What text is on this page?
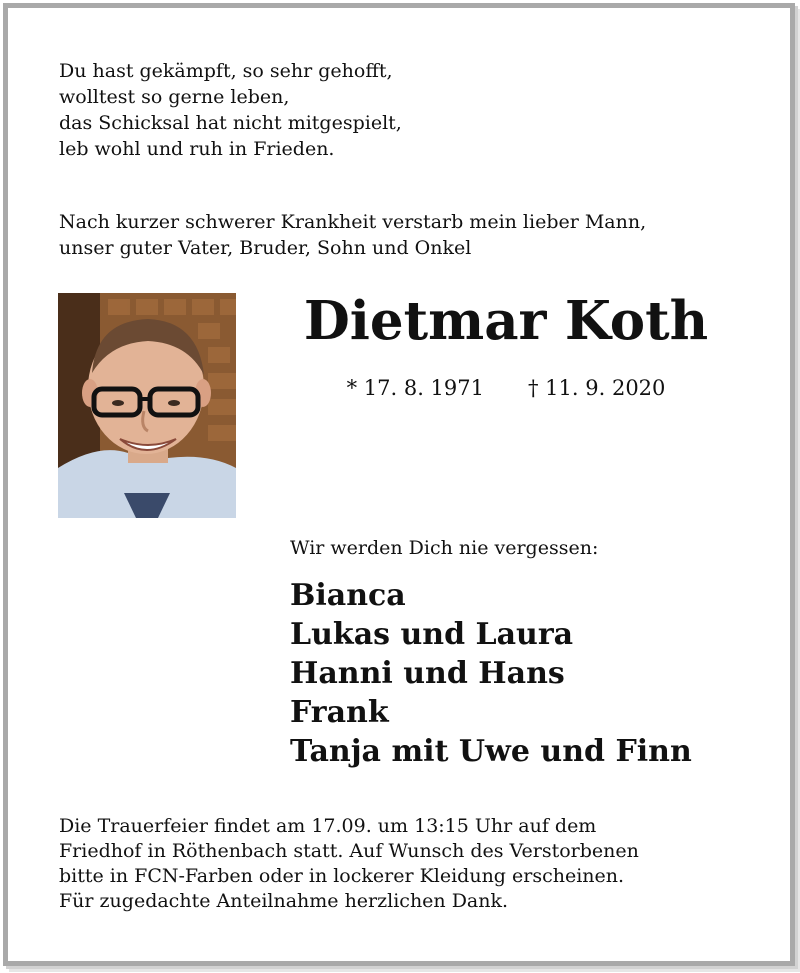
Du hast gekämpft, so sehr gehofft,
wolltest so gerne leben,
das Schicksal hat nicht mitgespielt,
leb wohl und ruh in Frieden.

Nach kurzer schwerer Krankheit verstarb mein lieber Mann,
unser guter Vater, Bruder, Sohn und Onkel

Dietmar Koth
* 17. 8. 1971 † 11. 9. 2020
Wir werden Dich nie vergessen:
Bianca
Lukas und Laura
Hanni und Hans
Frank
Tanja mit Uwe und Finn

Die Trauerfeier findet am 17.09. um 13:15 Uhr auf dem
Friedhof in Röthenbach statt. Auf Wunsch des Verstorbenen
bitte in FCN-Farben oder in lockerer Kleidung erscheinen.
Für zugedachte Anteilnahme herzlichen Dank.
